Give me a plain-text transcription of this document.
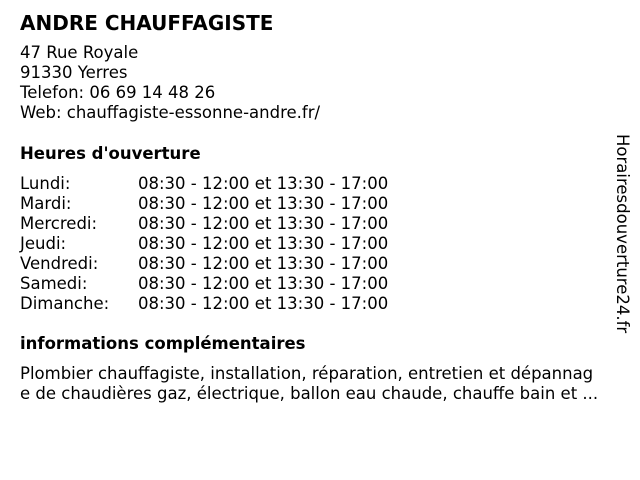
ANDRE CHAUFFAGISTE
47 Rue Royale
91330 Yerres
Telefon: 06 69 14 48 26
Web: chauffagiste-essonne-andre.fr/
Heures d'ouverture
Lundi:	08:30 - 12:00 et 13:30 - 17:00
Mardi:	08:30 - 12:00 et 13:30 - 17:00
Mercredi:	08:30 - 12:00 et 13:30 - 17:00
Jeudi:	08:30 - 12:00 et 13:30 - 17:00
Vendredi:	08:30 - 12:00 et 13:30 - 17:00
Samedi:	08:30 - 12:00 et 13:30 - 17:00
Dimanche:	08:30 - 12:00 et 13:30 - 17:00
informations complémentaires
Plombier chauffagiste, installation, réparation, entretien et dépannag
e de chaudières gaz, électrique, ballon eau chaude, chauffe bain et ...
Horairesdouverture24.fr
